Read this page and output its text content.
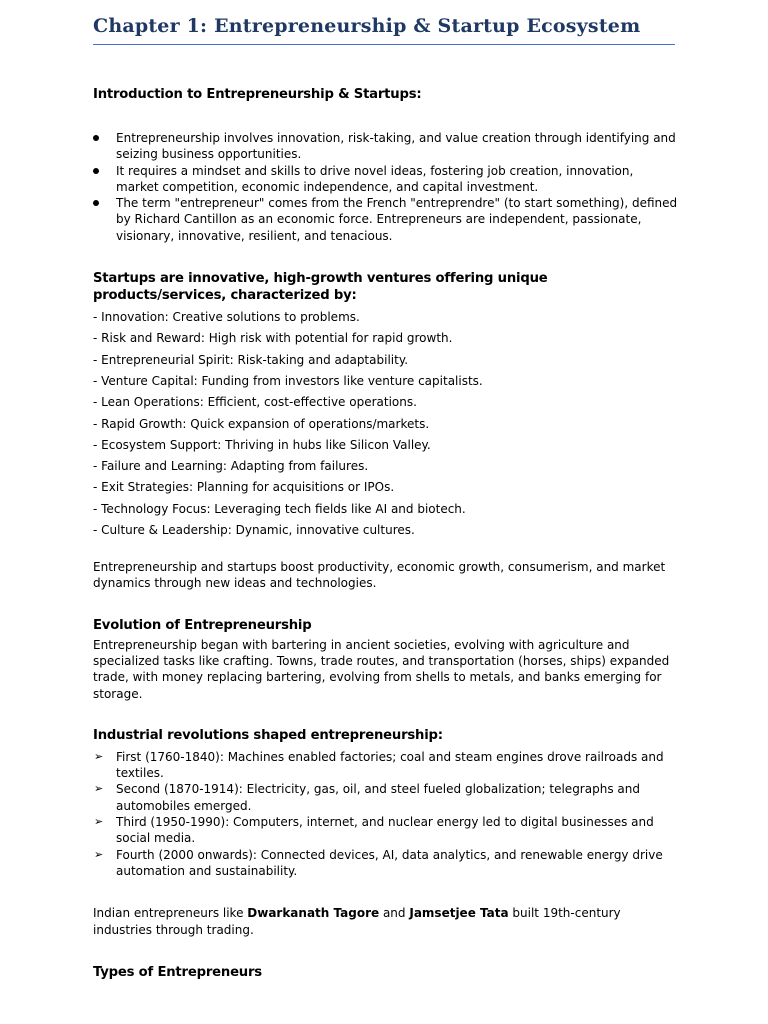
Chapter 1: Entrepreneurship & Startup Ecosystem
Introduction to Entrepreneurship & Startups:
Entrepreneurship involves innovation, risk-taking, and value creation through identifying and seizing business opportunities.
It requires a mindset and skills to drive novel ideas, fostering job creation, innovation, market competition, economic independence, and capital investment.
The term "entrepreneur" comes from the French "entreprendre" (to start something), defined by Richard Cantillon as an economic force. Entrepreneurs are independent, passionate, visionary, innovative, resilient, and tenacious.
Startups are innovative, high-growth ventures offering unique products/services, characterized by:
- Innovation: Creative solutions to problems.
- Risk and Reward: High risk with potential for rapid growth.
- Entrepreneurial Spirit: Risk-taking and adaptability.
- Venture Capital: Funding from investors like venture capitalists.
- Lean Operations: Efficient, cost-effective operations.
- Rapid Growth: Quick expansion of operations/markets.
- Ecosystem Support: Thriving in hubs like Silicon Valley.
- Failure and Learning: Adapting from failures.
- Exit Strategies: Planning for acquisitions or IPOs.
- Technology Focus: Leveraging tech fields like AI and biotech.
- Culture & Leadership: Dynamic, innovative cultures.

Entrepreneurship and startups boost productivity, economic growth, consumerism, and market dynamics through new ideas and technologies.

Evolution of Entrepreneurship

Entrepreneurship began with bartering in ancient societies, evolving with agriculture and specialized tasks like crafting. Towns, trade routes, and transportation (horses, ships) expanded trade, with money replacing bartering, evolving from shells to metals, and banks emerging for storage.

Industrial revolutions shaped entrepreneurship:
➢ First (1760-1840): Machines enabled factories; coal and steam engines drove railroads and textiles.
➢ Second (1870-1914): Electricity, gas, oil, and steel fueled globalization; telegraphs and automobiles emerged.
➢ Third (1950-1990): Computers, internet, and nuclear energy led to digital businesses and social media.
➢ Fourth (2000 onwards): Connected devices, AI, data analytics, and renewable energy drive automation and sustainability.

Indian entrepreneurs like Dwarkanath Tagore and Jamsetjee Tata built 19th-century industries through trading.

Types of Entrepreneurs
